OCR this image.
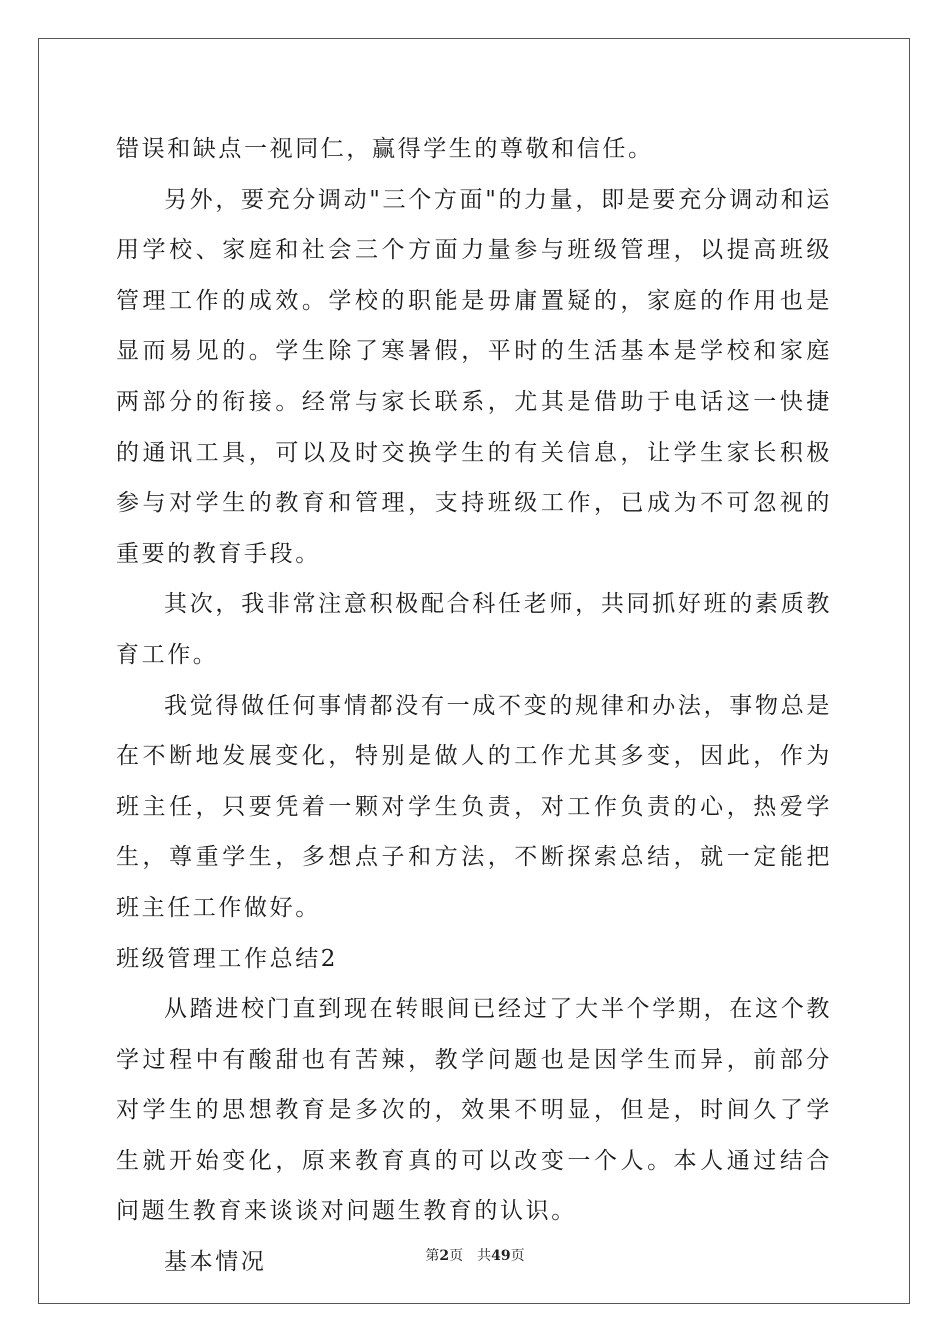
错误和缺点一视同仁，赢得学生的尊敬和信任。

另外，要充分调动"三个方面"的力量，即是要充分调动和运用学校、家庭和社会三个方面力量参与班级管理，以提高班级管理工作的成效。学校的职能是毋庸置疑的，家庭的作用也是显而易见的。学生除了寒暑假，平时的生活基本是学校和家庭两部分的衔接。经常与家长联系，尤其是借助于电话这一快捷的通讯工具，可以及时交换学生的有关信息，让学生家长积极参与对学生的教育和管理，支持班级工作，已成为不可忽视的重要的教育手段。

其次，我非常注意积极配合科任老师，共同抓好班的素质教育工作。

我觉得做任何事情都没有一成不变的规律和办法，事物总是在不断地发展变化，特别是做人的工作尤其多变，因此，作为班主任，只要凭着一颗对学生负责，对工作负责的心，热爱学生，尊重学生，多想点子和方法，不断探索总结，就一定能把班主任工作做好。

班级管理工作总结2

从踏进校门直到现在转眼间已经过了大半个学期，在这个教学过程中有酸甜也有苦辣，教学问题也是因学生而异，前部分对学生的思想教育是多次的，效果不明显，但是，时间久了学生就开始变化，原来教育真的可以改变一个人。本人通过结合问题生教育来谈谈对问题生教育的认识。

基本情况	第2页 共49页
